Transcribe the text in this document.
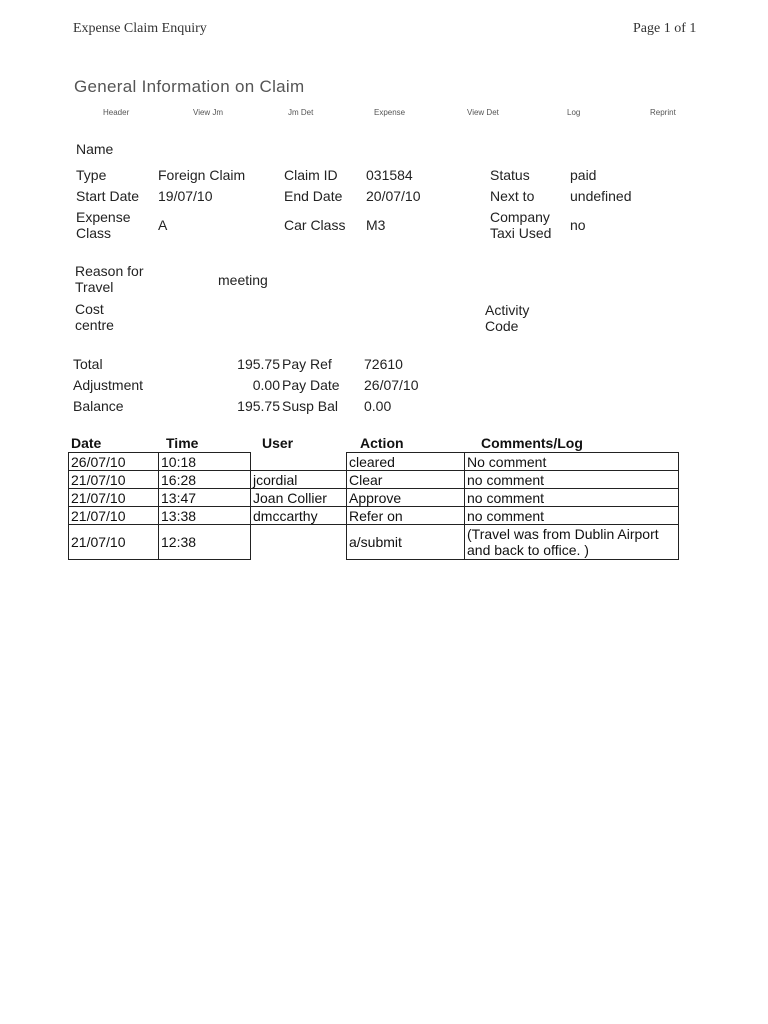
Expense Claim Enquiry	Page 1 of 1
General Information on Claim
Header	View Jm	Jm Det	Expense	View Det	Log	Reprint
Name
Type	Foreign Claim	Claim ID 031584	Status	paid
Start Date 19/07/10	End Date 20/07/10	Next to	undefined
Expense Class	A	Car Class M3	Company Taxi Used	no
Reason for Travel	meeting
Cost centre
Activity Code
Total	195.75 Pay Ref 72610
Adjustment	0.00 Pay Date 26/07/10
Balance	195.75 Susp Bal 0.00
Date	Time	User	Action	Comments/Log
26/07/10	10:18		cleared	No comment
21/07/10	16:28	jcordial	Clear	no comment
21/07/10	13:47	Joan Collier	Approve	no comment
21/07/10	13:38	dmccarthy	Refer on	no comment
21/07/10	12:38		a/submit	(Travel was from Dublin Airport and back to office. )
